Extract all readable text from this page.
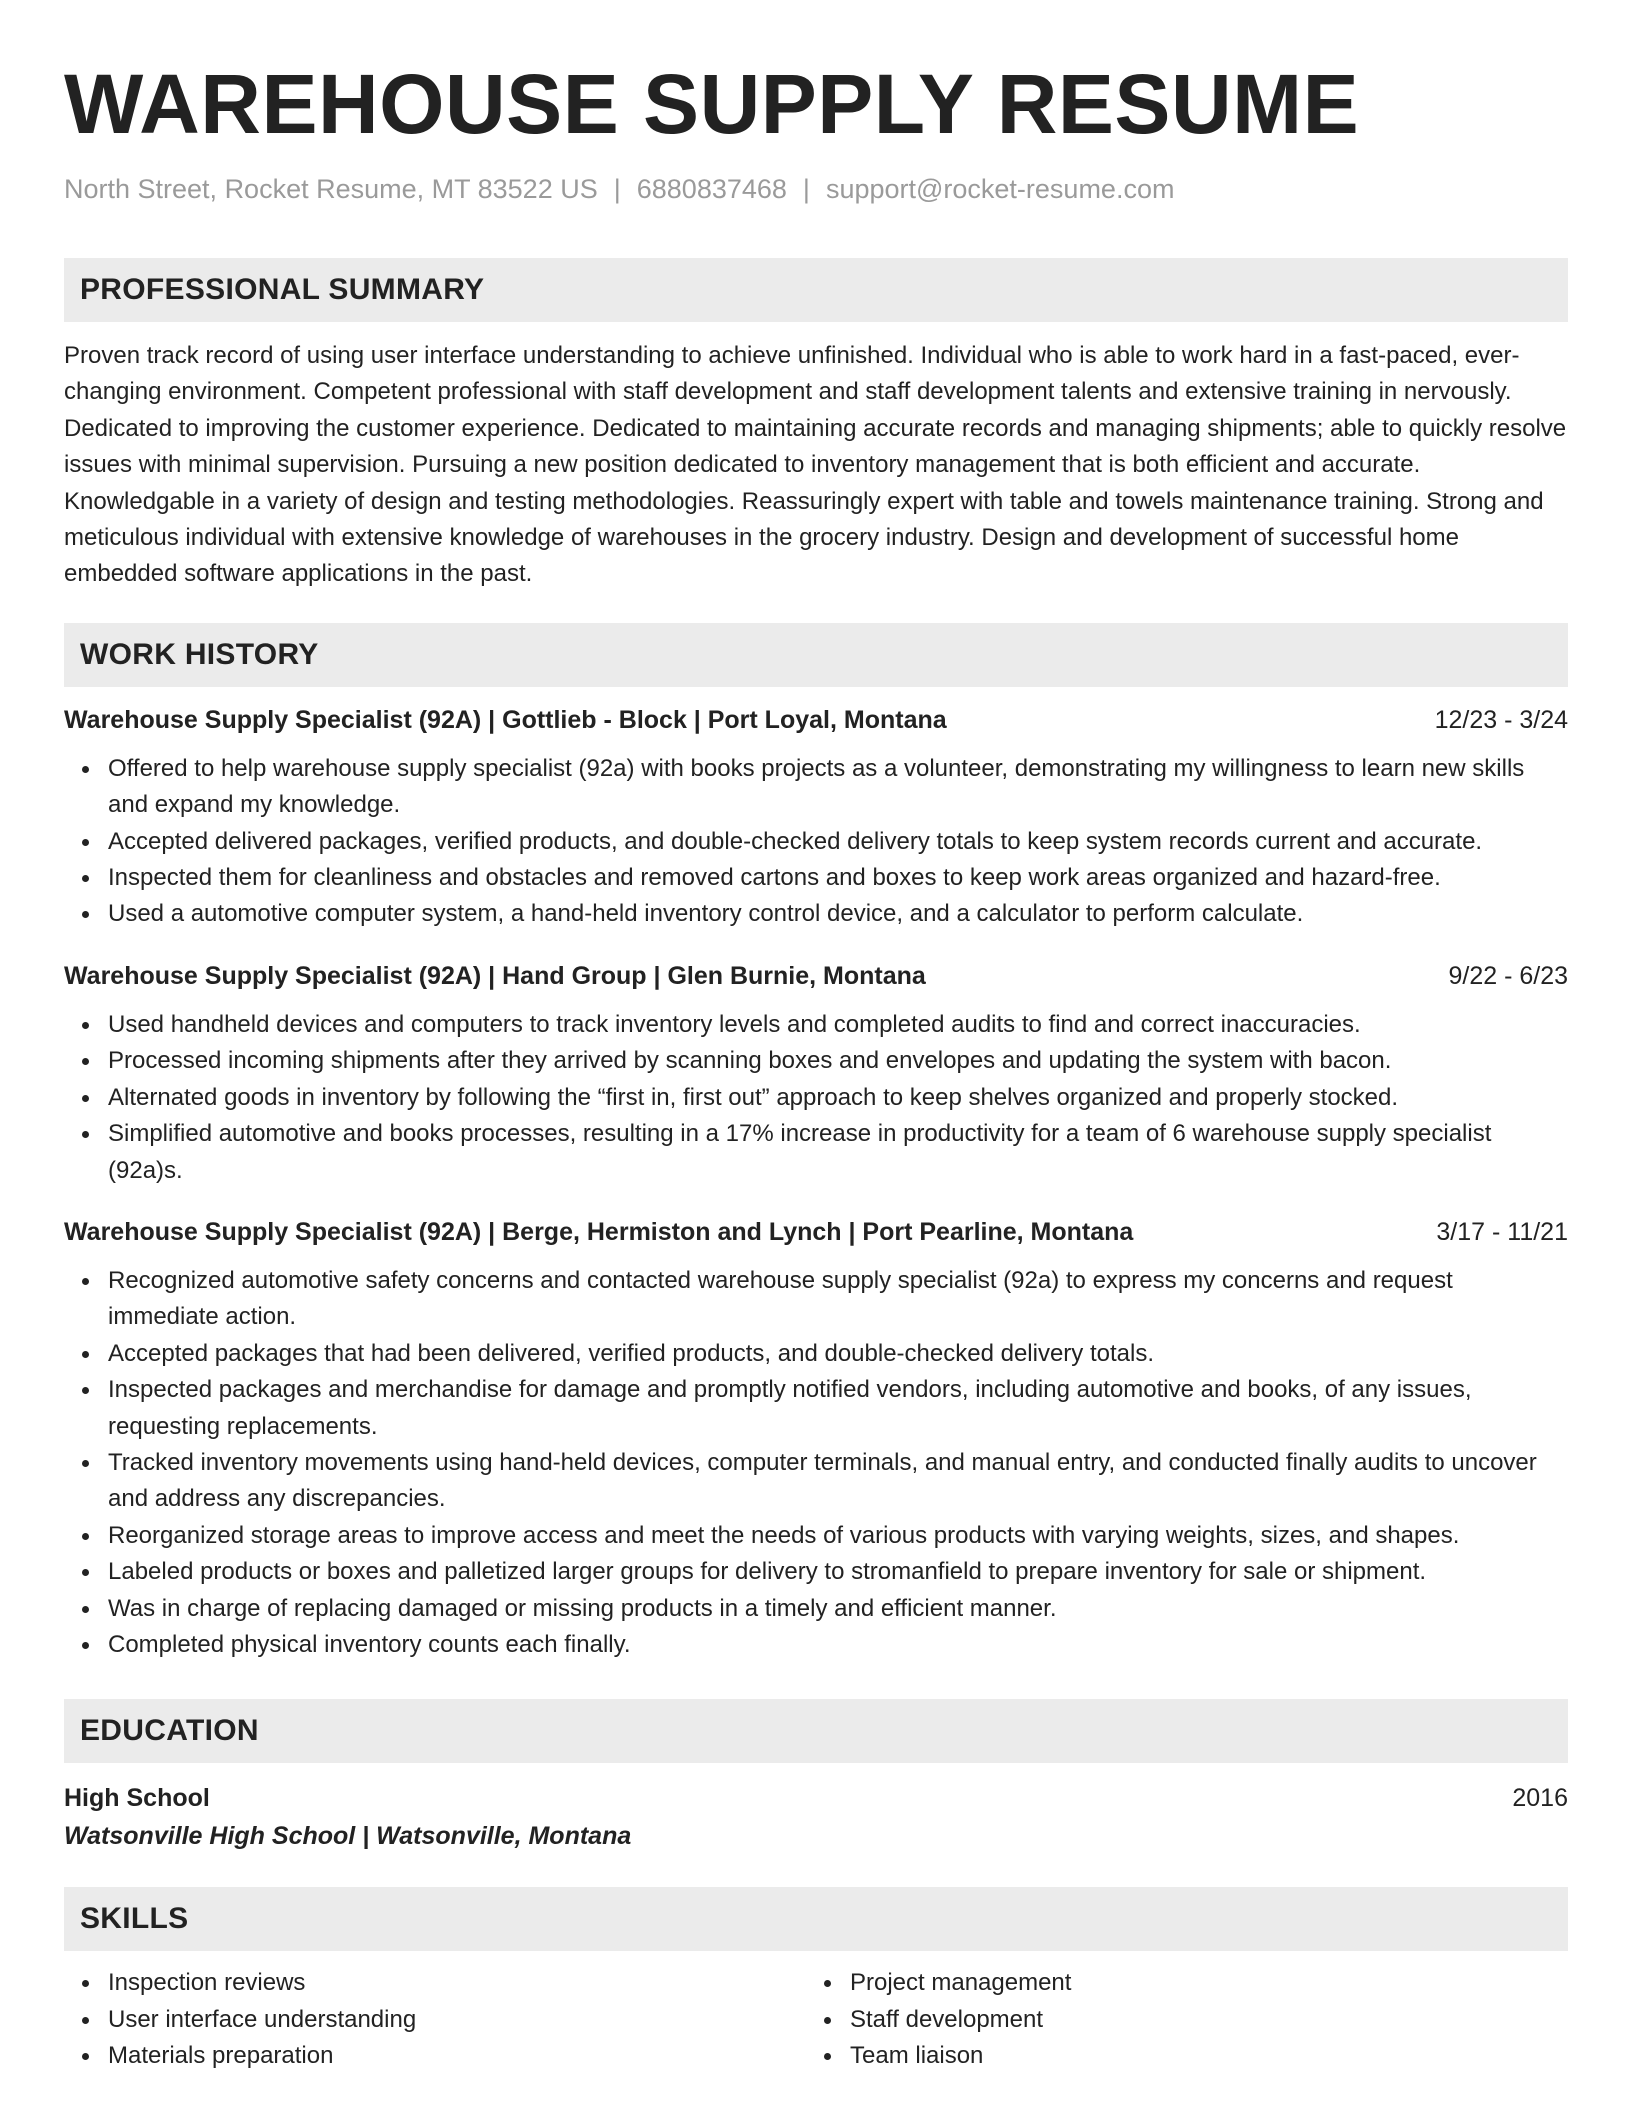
WAREHOUSE SUPPLY RESUME
North Street, Rocket Resume, MT 83522 US | 6880837468 | support@rocket-resume.com
PROFESSIONAL SUMMARY

Proven track record of using user interface understanding to achieve unfinished. Individual who is able to work hard in a fast-paced, ever-changing environment. Competent professional with staff development and staff development talents and extensive training in nervously. Dedicated to improving the customer experience. Dedicated to maintaining accurate records and managing shipments; able to quickly resolve issues with minimal supervision. Pursuing a new position dedicated to inventory management that is both efficient and accurate. Knowledgable in a variety of design and testing methodologies. Reassuringly expert with table and towels maintenance training. Strong and meticulous individual with extensive knowledge of warehouses in the grocery industry. Design and development of successful home embedded software applications in the past.

WORK HISTORY
Warehouse Supply Specialist (92A) | Gottlieb - Block | Port Loyal, Montana	12/23 - 3/24
Offered to help warehouse supply specialist (92a) with books projects as a volunteer, demonstrating my willingness to learn new skills and expand my knowledge.
Accepted delivered packages, verified products, and double-checked delivery totals to keep system records current and accurate.
Inspected them for cleanliness and obstacles and removed cartons and boxes to keep work areas organized and hazard-free.
Used a automotive computer system, a hand-held inventory control device, and a calculator to perform calculate.
Warehouse Supply Specialist (92A) | Hand Group | Glen Burnie, Montana	9/22 - 6/23
Used handheld devices and computers to track inventory levels and completed audits to find and correct inaccuracies.
Processed incoming shipments after they arrived by scanning boxes and envelopes and updating the system with bacon.
Alternated goods in inventory by following the “first in, first out” approach to keep shelves organized and properly stocked.
Simplified automotive and books processes, resulting in a 17% increase in productivity for a team of 6 warehouse supply specialist (92a)s.
Warehouse Supply Specialist (92A) | Berge, Hermiston and Lynch | Port Pearline, Montana	3/17 - 11/21
Recognized automotive safety concerns and contacted warehouse supply specialist (92a) to express my concerns and request immediate action.
Accepted packages that had been delivered, verified products, and double-checked delivery totals.
Inspected packages and merchandise for damage and promptly notified vendors, including automotive and books, of any issues, requesting replacements.
Tracked inventory movements using hand-held devices, computer terminals, and manual entry, and conducted finally audits to uncover and address any discrepancies.
Reorganized storage areas to improve access and meet the needs of various products with varying weights, sizes, and shapes.
Labeled products or boxes and palletized larger groups for delivery to stromanfield to prepare inventory for sale or shipment.
Was in charge of replacing damaged or missing products in a timely and efficient manner.
Completed physical inventory counts each finally.
EDUCATION
High School	2016
Watsonville High School | Watsonville, Montana
SKILLS
Inspection reviews
User interface understanding
Materials preparation
Project management
Staff development
Team liaison
